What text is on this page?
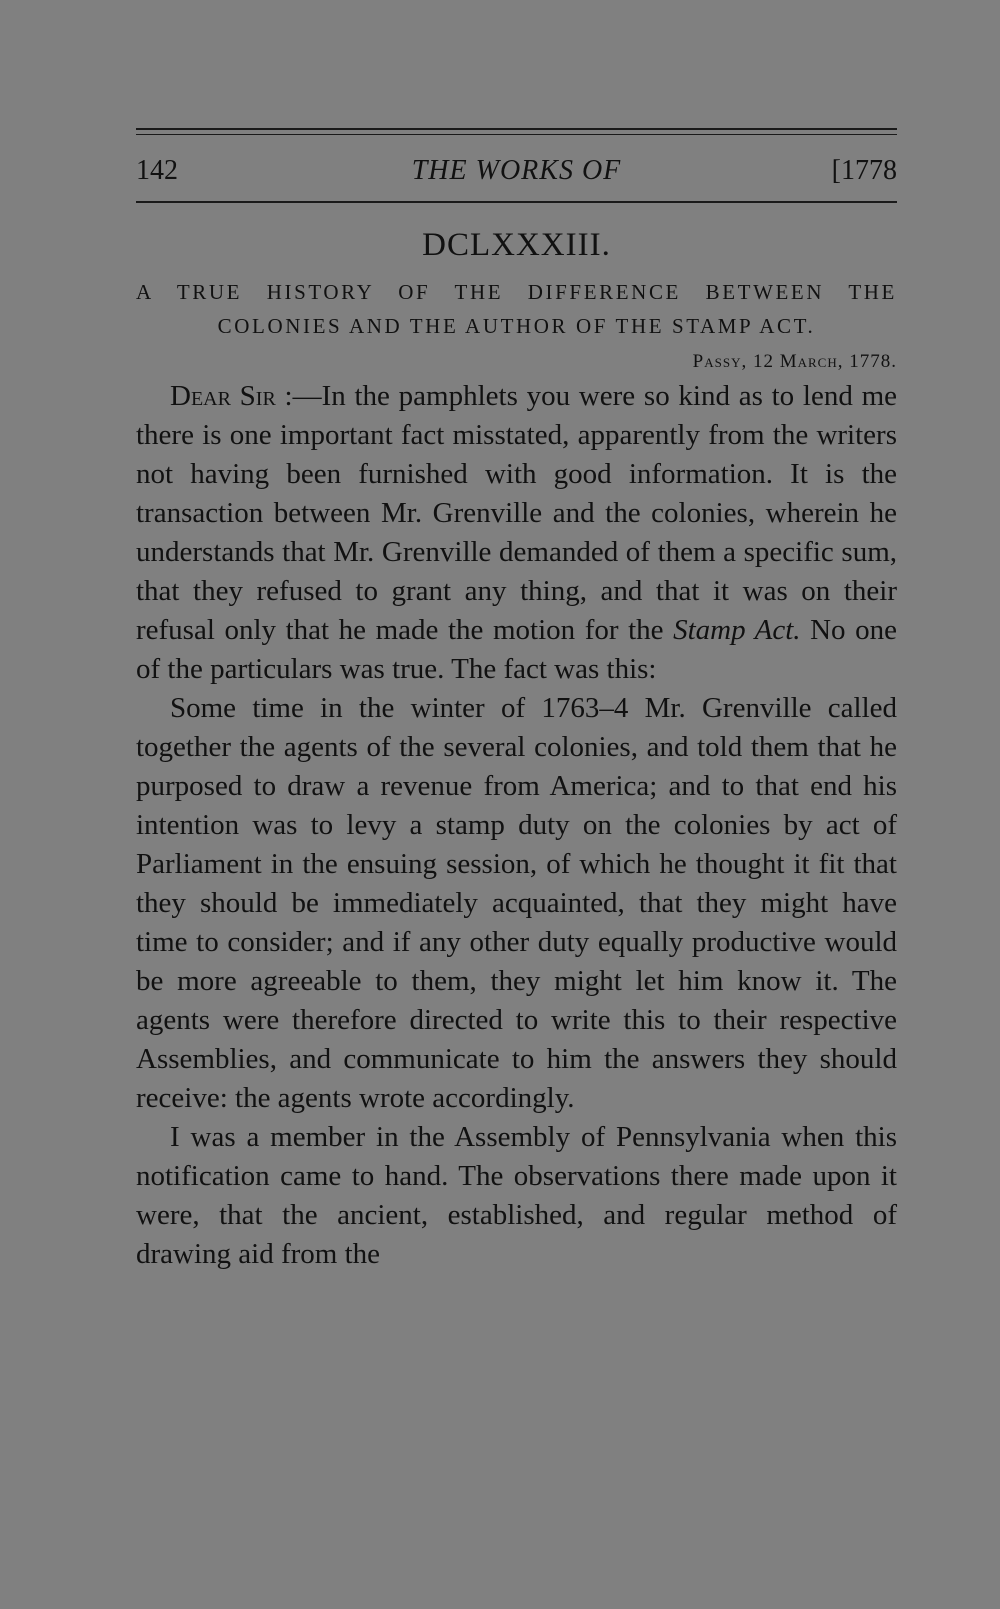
142	THE WORKS OF	[1778
DCLXXXIII.
A TRUE HISTORY OF THE DIFFERENCE BETWEEN THE
COLONIES AND THE AUTHOR OF THE STAMP ACT.
Passy, 12 March, 1778.

Dear Sir :—In the pamphlets you were so kind as to lend me there is one important fact misstated, apparently from the writers not having been furnished with good information. It is the transaction between Mr. Grenville and the colonies, wherein he understands that Mr. Grenville demanded of them a specific sum, that they refused to grant any thing, and that it was on their refusal only that he made the motion for the Stamp Act. No one of the particulars was true. The fact was this:

Some time in the winter of 1763–4 Mr. Grenville called together the agents of the several colonies, and told them that he purposed to draw a revenue from America; and to that end his intention was to levy a stamp duty on the colonies by act of Parliament in the ensuing session, of which he thought it fit that they should be immediately acquainted, that they might have time to consider; and if any other duty equally productive would be more agreeable to them, they might let him know it. The agents were therefore directed to write this to their respective Assemblies, and communicate to him the answers they should receive: the agents wrote accordingly.

I was a member in the Assembly of Pennsylvania when this notification came to hand. The observations there made upon it were, that the ancient, established, and regular method of drawing aid from the
